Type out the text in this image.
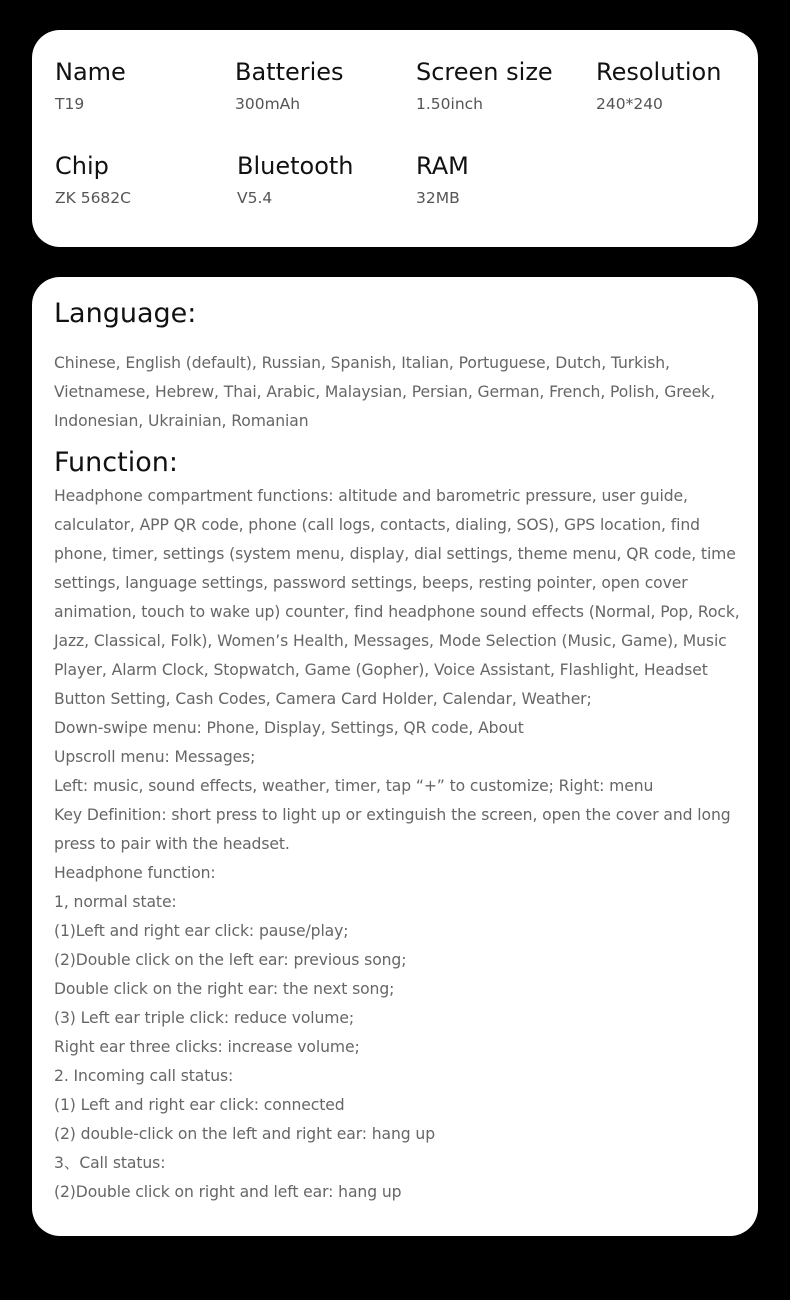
Name
T19
Batteries
300mAh
Screen size
1.50inch
Resolution
240*240
Chip
ZK 5682C
Bluetooth
V5.4
RAM
32MB
Language:
Chinese, English (default), Russian, Spanish, Italian, Portuguese, Dutch, Turkish, Vietnamese, Hebrew, Thai, Arabic, Malaysian, Persian, German, French, Polish, Greek, Indonesian, Ukrainian, Romanian
Function:
Headphone compartment functions: altitude and barometric pressure, user guide,
calculator, APP QR code, phone (call logs, contacts, dialing, SOS), GPS location, find
phone, timer, settings (system menu, display, dial settings, theme menu, QR code, time
settings, language settings, password settings, beeps, resting pointer, open cover
animation, touch to wake up) counter, find headphone sound effects (Normal, Pop, Rock,
Jazz, Classical, Folk), Women’s Health, Messages, Mode Selection (Music, Game), Music
Player, Alarm Clock, Stopwatch, Game (Gopher), Voice Assistant, Flashlight, Headset
Button Setting, Cash Codes, Camera Card Holder, Calendar, Weather;
Down-swipe menu: Phone, Display, Settings, QR code, About
Upscroll menu: Messages;
Left: music, sound effects, weather, timer, tap “+” to customize; Right: menu
Key Definition: short press to light up or extinguish the screen, open the cover and long
press to pair with the headset.
Headphone function:
1, normal state:
(1)Left and right ear click: pause/play;
(2)Double click on the left ear: previous song;
Double click on the right ear: the next song;
(3) Left ear triple click: reduce volume;
Right ear three clicks: increase volume;
2. Incoming call status:
(1) Left and right ear click: connected
(2) double-click on the left and right ear: hang up
3、Call status:
(2)Double click on right and left ear: hang up
